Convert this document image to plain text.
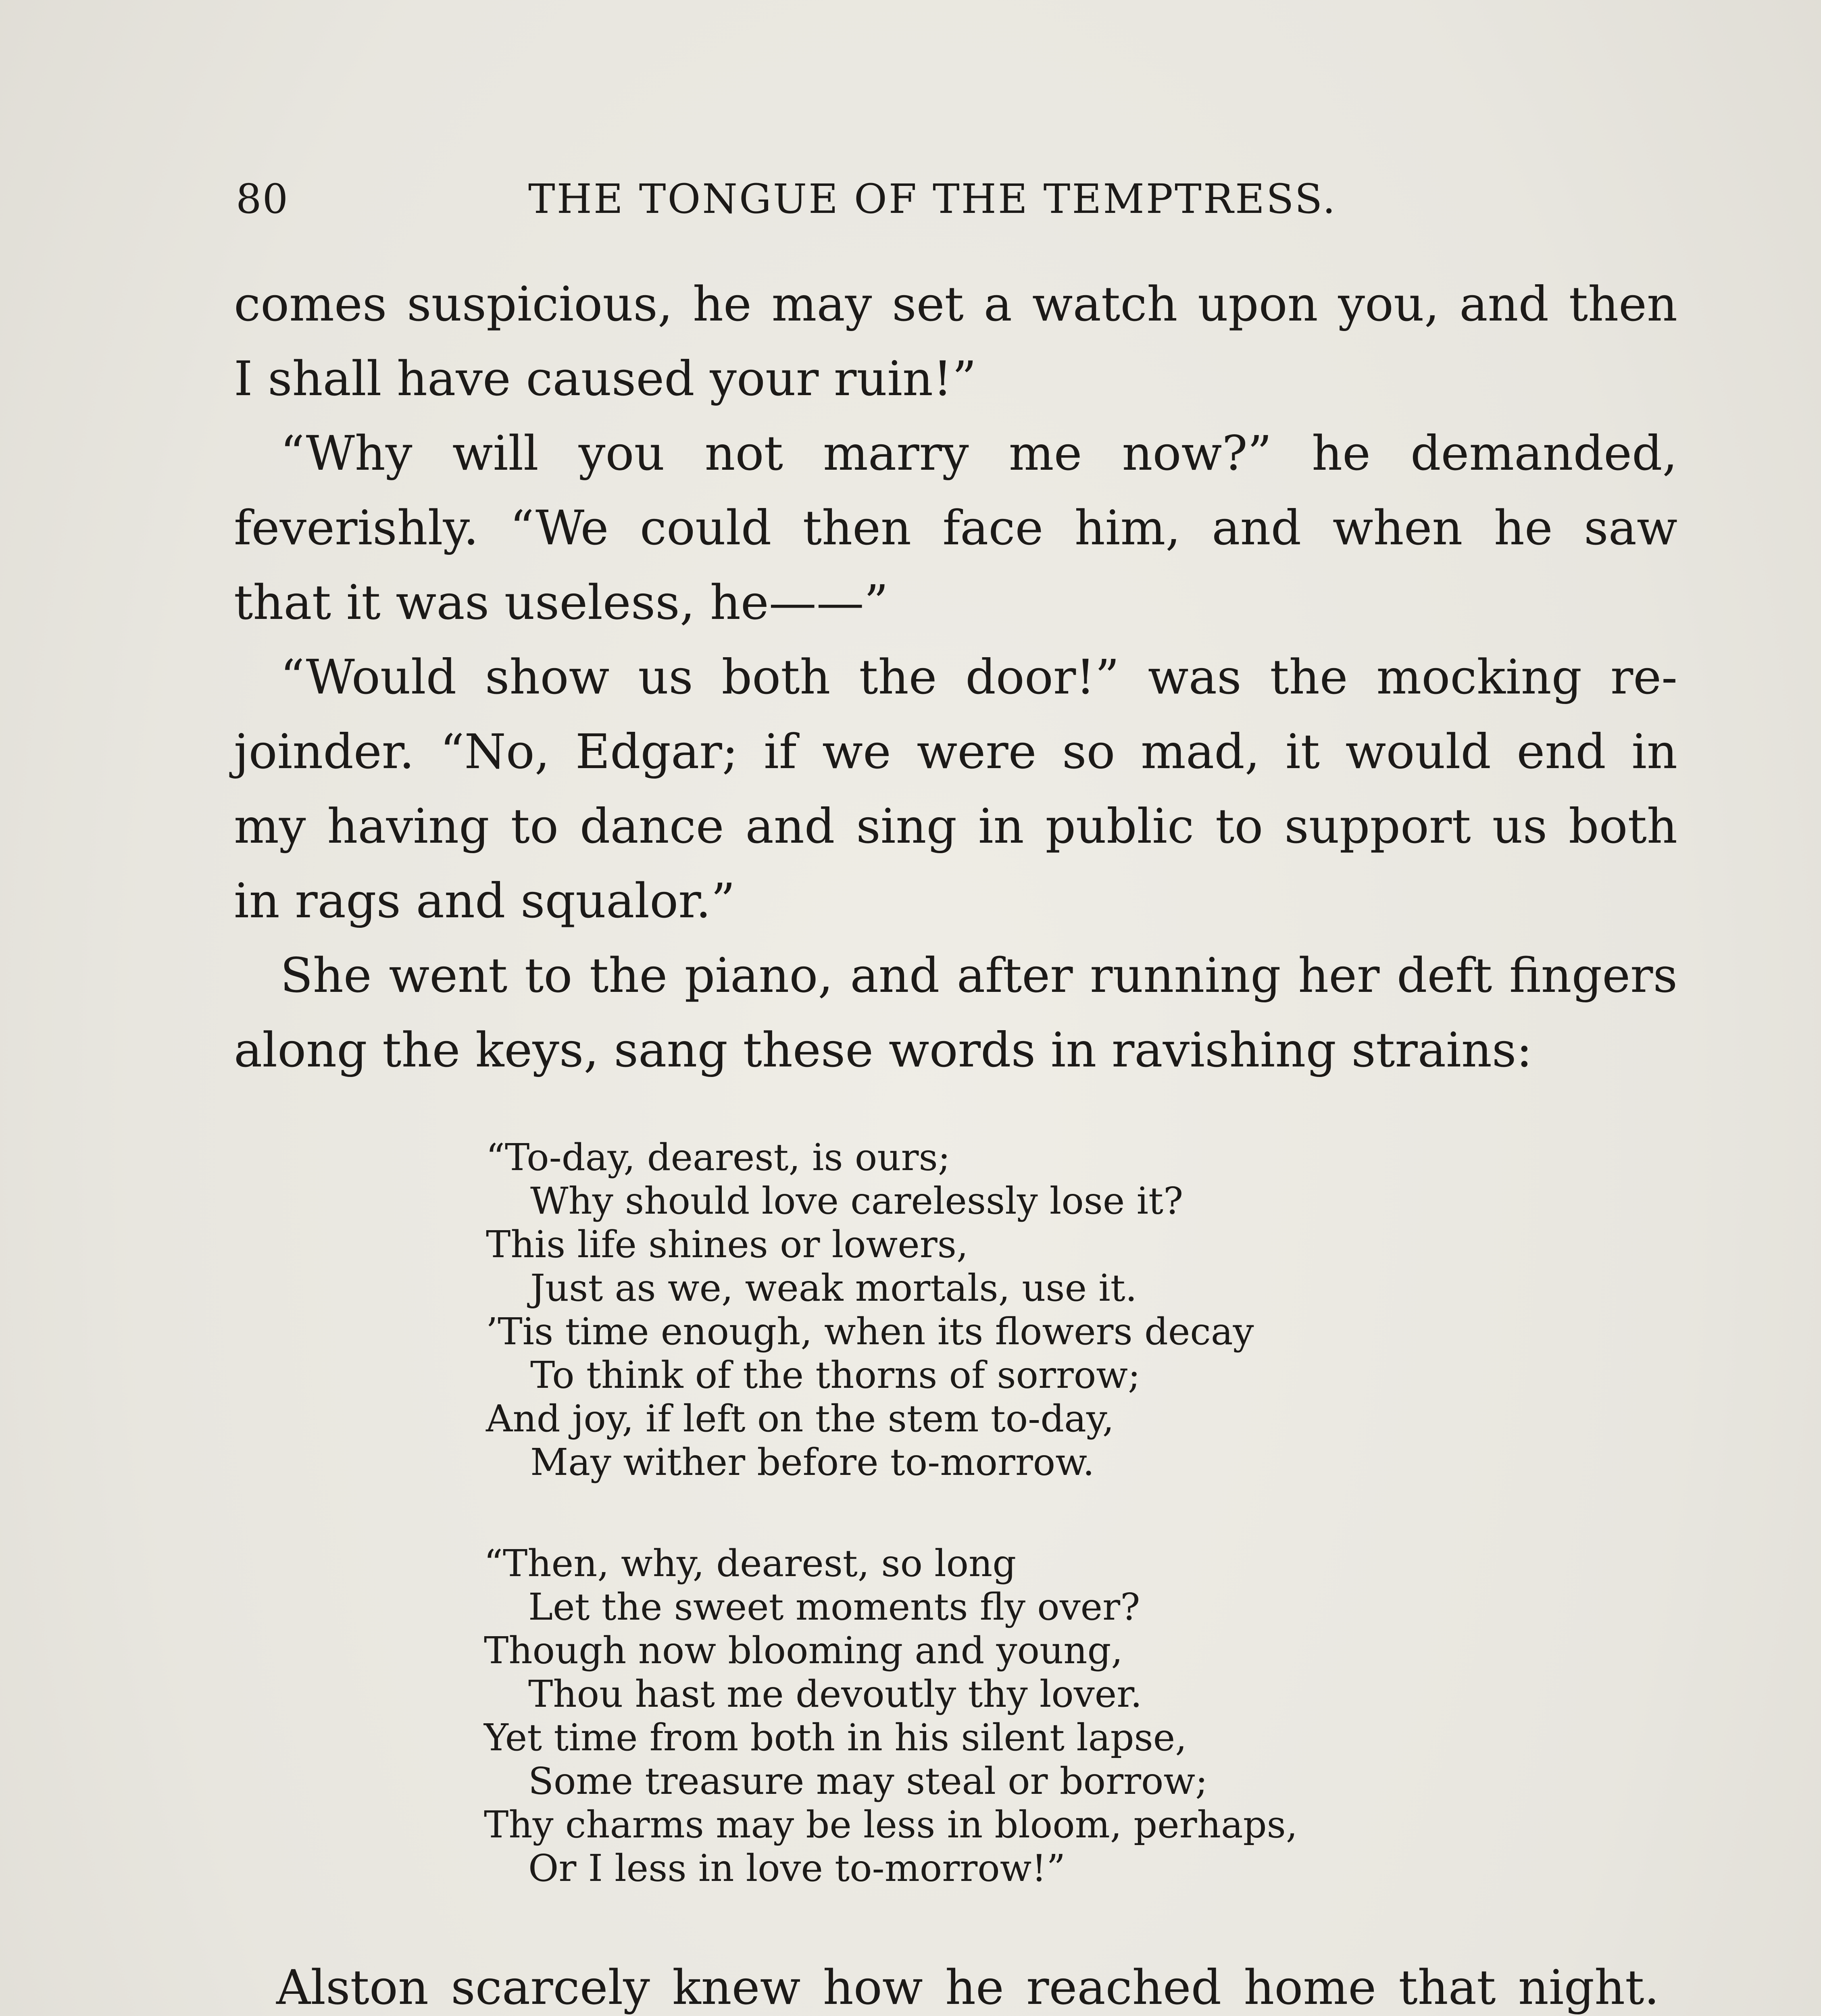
80	THE TONGUE OF THE TEMPTRESS.
comes suspicious, he may set a watch upon you, and then
I shall have caused your ruin!”
“Why will you not marry me now?” he demanded,
feverishly. “We could then face him, and when he saw
that it was useless, he——”
“Would show us both the door!” was the mocking re-
joinder. “No, Edgar; if we were so mad, it would end in
my having to dance and sing in public to support us both
in rags and squalor.”
She went to the piano, and after running her deft fingers
along the keys, sang these words in ravishing strains:
“To-day, dearest, is ours;
Why should love carelessly lose it?
This life shines or lowers,
Just as we, weak mortals, use it.
’Tis time enough, when its flowers decay
To think of the thorns of sorrow;
And joy, if left on the stem to-day,
May wither before to-morrow.
“Then, why, dearest, so long
Let the sweet moments fly over?
Though now blooming and young,
Thou hast me devoutly thy lover.
Yet time from both in his silent lapse,
Some treasure may steal or borrow;
Thy charms may be less in bloom, perhaps,
Or I less in love to-morrow!”
Alston scarcely knew how he reached home that night.
